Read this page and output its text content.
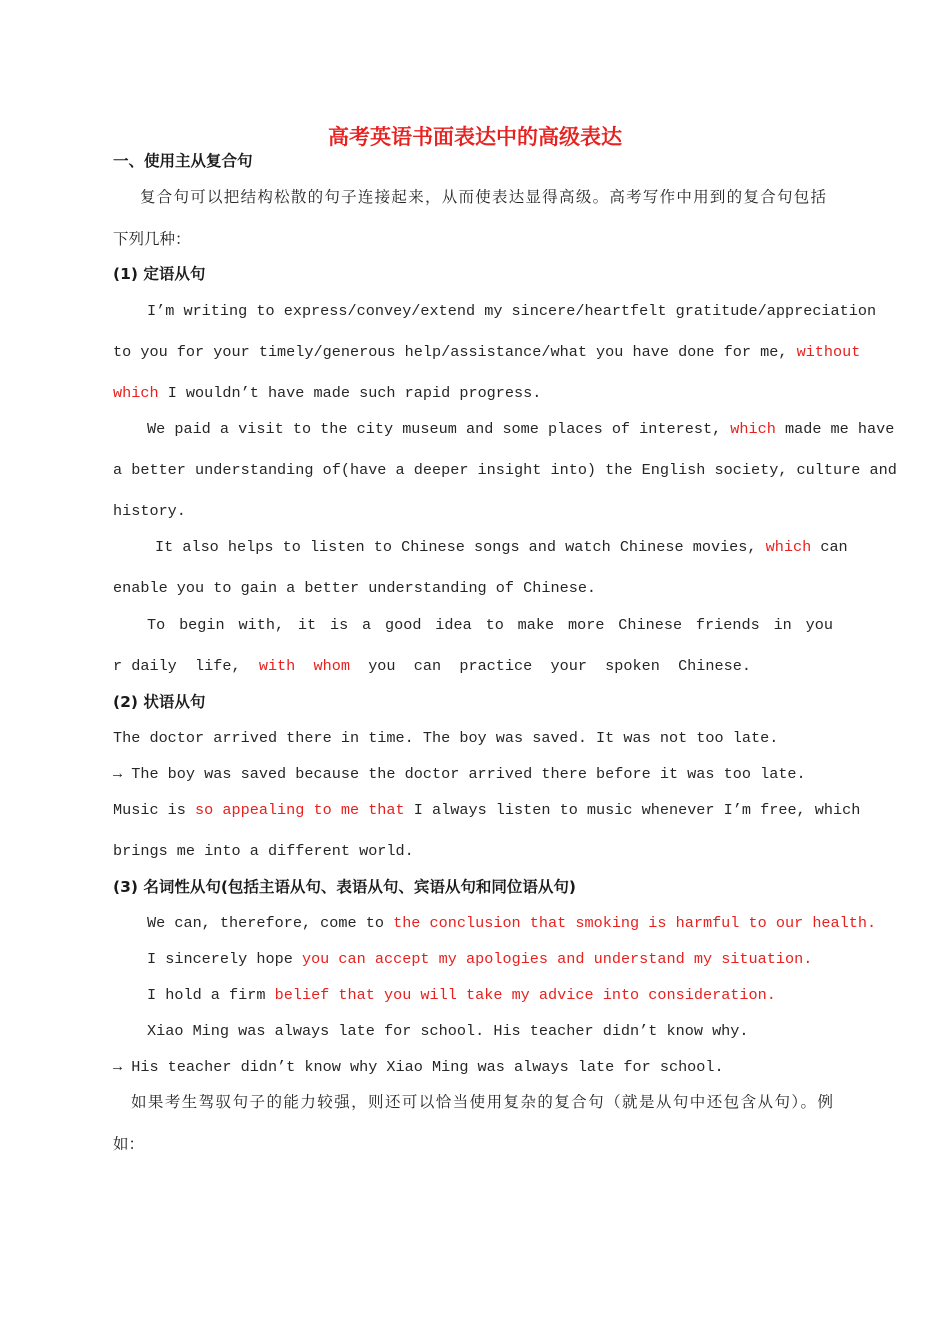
高考英语书面表达中的高级表达
一、使用主从复合句
复合句可以把结构松散的句子连接起来，从而使表达显得高级。高考写作中用到的复合句包括
下列几种：
(1) 定语从句
I’m writing to express/convey/extend my sincere/heartfelt gratitude/appreciation
to you for your timely/generous help/assistance/what you have done for me, without
which I wouldn’t have made such rapid progress.
We paid a visit to the city museum and some places of interest, which made me have
a better understanding of(have a deeper insight into) the English society, culture and
history.
It also helps to listen to Chinese songs and watch Chinese movies, which can
enable you to gain a better understanding of Chinese.
To begin with, it is a good idea to make more Chinese friends in you
r daily  life,  with  whom  you  can  practice  your  spoken  Chinese.
(2) 状语从句
The doctor arrived there in time. The boy was saved. It was not too late.
→ The boy was saved because the doctor arrived there before it was too late.
Music is so appealing to me that I always listen to music whenever I’m free, which
brings me into a different world.
(3) 名词性从句(包括主语从句、表语从句、宾语从句和同位语从句)
We can, therefore, come to the conclusion that smoking is harmful to our health.
I sincerely hope you can accept my apologies and understand my situation.
I hold a firm belief that you will take my advice into consideration.
Xiao Ming was always late for school. His teacher didn’t know why.
→ His teacher didn’t know why Xiao Ming was always late for school.
如果考生驾驭句子的能力较强，则还可以恰当使用复杂的复合句（就是从句中还包含从句）。例
如：
